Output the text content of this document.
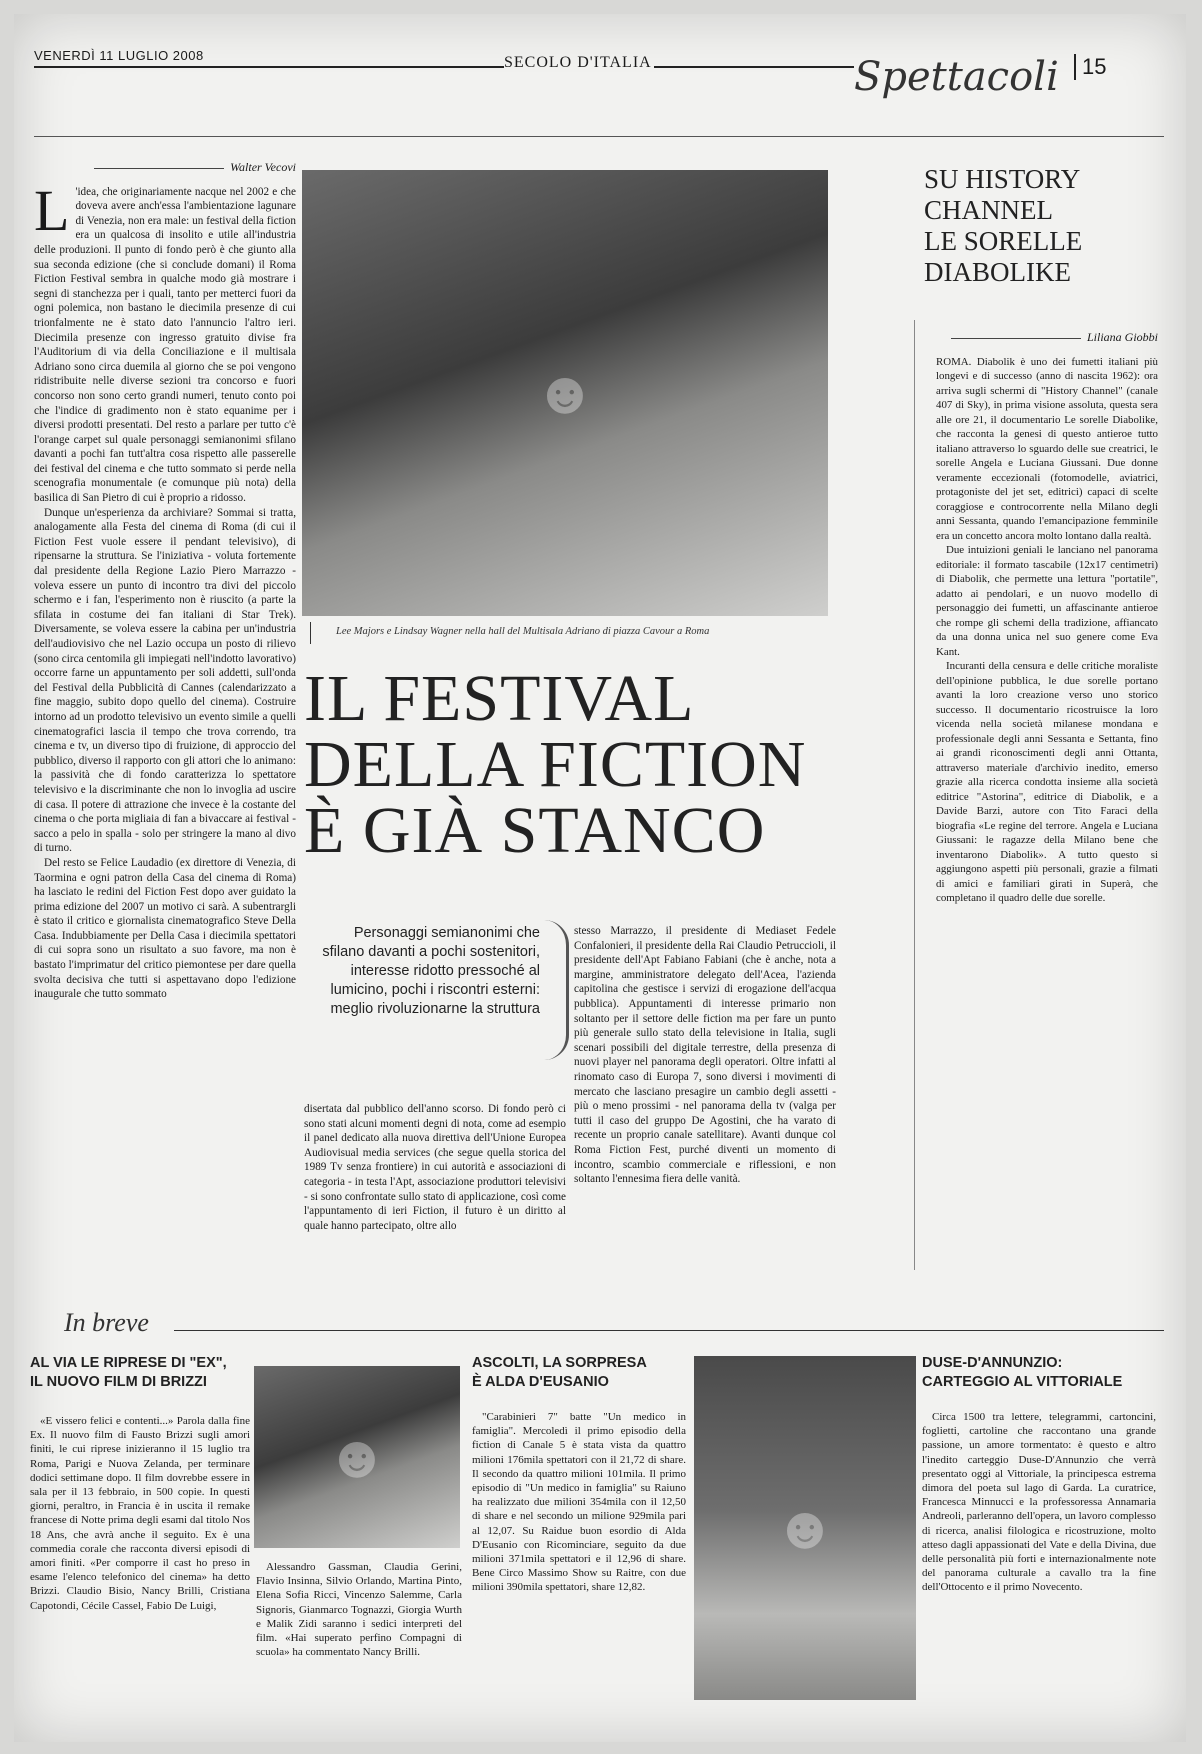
VENERDÌ 11 LUGLIO 2008	SECOLO D'ITALIA	Spettacoli	15
Walter Vecovi
L 'idea, che originariamente nacque nel 2002 e che doveva avere anch'essa l'ambientazione lagunare di Venezia, non era male: un festival della fiction era un qualcosa di insolito e utile all'industria delle produzioni. Il punto di fondo però è che giunto alla sua seconda edizione (che si conclude domani) il Roma Fiction Festival sembra in qualche modo già mostrare i segni di stanchezza per i quali, tanto per metterci fuori da ogni polemica, non bastano le diecimila presenze di cui trionfalmente ne è stato dato l'annuncio l'altro ieri. Diecimila presenze con ingresso gratuito divise fra l'Auditorium di via della Conciliazione e il multisala Adriano sono circa duemila al giorno che se poi vengono ridistribuite nelle diverse sezioni tra concorso e fuori concorso non sono certo grandi numeri, tenuto conto poi che l'indice di gradimento non è stato equanime per i diversi prodotti presentati. Del resto a parlare per tutto c'è l'orange carpet sul quale personaggi semianonimi sfilano davanti a pochi fan tutt'altra cosa rispetto alle passerelle dei festival del cinema e che tutto sommato si perde nella scenografia monumentale (e comunque più nota) della basilica di San Pietro di cui è proprio a ridosso.

Dunque un'esperienza da archiviare? Sommai si tratta, analogamente alla Festa del cinema di Roma (di cui il Fiction Fest vuole essere il pendant televisivo), di ripensarne la struttura. Se l'iniziativa - voluta fortemente dal presidente della Regione Lazio Piero Marrazzo - voleva essere un punto di incontro tra divi del piccolo schermo e i fan, l'esperimento non è riuscito (a parte la sfilata in costume dei fan italiani di Star Trek). Diversamente, se voleva essere la cabina per un'industria dell'audiovisivo che nel Lazio occupa un posto di rilievo (sono circa centomila gli impiegati nell'indotto lavorativo) occorre farne un appuntamento per soli addetti, sull'onda del Festival della Pubblicità di Cannes (calendarizzato a fine maggio, subito dopo quello del cinema). Costruire intorno ad un prodotto televisivo un evento simile a quelli cinematografici lascia il tempo che trova correndo, tra cinema e tv, un diverso tipo di fruizione, di approccio del pubblico, diverso il rapporto con gli attori che lo animano: la passività che di fondo caratterizza lo spettatore televisivo e la discriminante che non lo invoglia ad uscire di casa. Il potere di attrazione che invece è la costante del cinema o che porta migliaia di fan a bivaccare ai festival - sacco a pelo in spalla - solo per stringere la mano al divo di turno.

Del resto se Felice Laudadio (ex direttore di Venezia, di Taormina e ogni patron della Casa del cinema di Roma) ha lasciato le redini del Fiction Fest dopo aver guidato la prima edizione del 2007 un motivo ci sarà. A subentrargli è stato il critico e giornalista cinematografico Steve Della Casa. Indubbiamente per Della Casa i diecimila spettatori di cui sopra sono un risultato a suo favore, ma non è bastato l'imprimatur del critico piemontese per dare quella svolta decisiva che tutti si aspettavano dopo l'edizione inaugurale che tutto sommato

☻
Lee Majors e Lindsay Wagner nella hall del Multisala Adriano di piazza Cavour a Roma
IL FESTIVAL
DELLA FICTION
È GIÀ STANCO
Personaggi semianonimi che sfilano davanti a pochi sostenitori, interesse ridotto pressoché al lumicino, pochi i riscontri esterni: meglio rivoluzionarne la struttura

disertata dal pubblico dell'anno scorso. Di fondo però ci sono stati alcuni momenti degni di nota, come ad esempio il panel dedicato alla nuova direttiva dell'Unione Europea Audiovisual media services (che segue quella storica del 1989 Tv senza frontiere) in cui autorità e associazioni di categoria - in testa l'Apt, associazione produttori televisivi - si sono confrontate sullo stato di applicazione, così come l'appuntamento di ieri Fiction, il futuro è un diritto al quale hanno partecipato, oltre allo

stesso Marrazzo, il presidente di Mediaset Fedele Confalonieri, il presidente della Rai Claudio Petruccioli, il presidente dell'Apt Fabiano Fabiani (che è anche, nota a margine, amministratore delegato dell'Acea, l'azienda capitolina che gestisce i servizi di erogazione dell'acqua pubblica). Appuntamenti di interesse primario non soltanto per il settore delle fiction ma per fare un punto più generale sullo stato della televisione in Italia, sugli scenari possibili del digitale terrestre, della presenza di nuovi player nel panorama degli operatori. Oltre infatti al rinomato caso di Europa 7, sono diversi i movimenti di mercato che lasciano presagire un cambio degli assetti - più o meno prossimi - nel panorama della tv (valga per tutti il caso del gruppo De Agostini, che ha varato di recente un proprio canale satellitare). Avanti dunque col Roma Fiction Fest, purché diventi un momento di incontro, scambio commerciale e riflessioni, e non soltanto l'ennesima fiera delle vanità.

SU HISTORY
CHANNEL
LE SORELLE
DIABOLIKE
Liliana Giobbi

ROMA. Diabolik è uno dei fumetti italiani più longevi e di successo (anno di nascita 1962): ora arriva sugli schermi di "History Channel" (canale 407 di Sky), in prima visione assoluta, questa sera alle ore 21, il documentario Le sorelle Diabolike, che racconta la genesi di questo antieroe tutto italiano attraverso lo sguardo delle sue creatrici, le sorelle Angela e Luciana Giussani. Due donne veramente eccezionali (fotomodelle, aviatrici, protagoniste del jet set, editrici) capaci di scelte coraggiose e controcorrente nella Milano degli anni Sessanta, quando l'emancipazione femminile era un concetto ancora molto lontano dalla realtà.

Due intuizioni geniali le lanciano nel panorama editoriale: il formato tascabile (12x17 centimetri) di Diabolik, che permette una lettura "portatile", adatto ai pendolari, e un nuovo modello di personaggio dei fumetti, un affascinante antieroe che rompe gli schemi della tradizione, affiancato da una donna unica nel suo genere come Eva Kant.

Incuranti della censura e delle critiche moraliste dell'opinione pubblica, le due sorelle portano avanti la loro creazione verso uno storico successo. Il documentario ricostruisce la loro vicenda nella società milanese mondana e professionale degli anni Sessanta e Settanta, fino ai grandi riconoscimenti degli anni Ottanta, attraverso materiale d'archivio inedito, emerso grazie alla ricerca condotta insieme alla società editrice "Astorina", editrice di Diabolik, e a Davide Barzi, autore con Tito Faraci della biografia «Le regine del terrore. Angela e Luciana Giussani: le ragazze della Milano bene che inventarono Diabolik». A tutto questo si aggiungono aspetti più personali, grazie a filmati di amici e familiari girati in Superà, che completano il quadro delle due sorelle.

In breve
AL VIA LE RIPRESE DI "EX",
IL NUOVO FILM DI BRIZZI

«E vissero felici e contenti...» Parola dalla fine Ex. Il nuovo film di Fausto Brizzi sugli amori finiti, le cui riprese inizieranno il 15 luglio tra Roma, Parigi e Nuova Zelanda, per terminare dodici settimane dopo. Il film dovrebbe essere in sala per il 13 febbraio, in 500 copie. In questi giorni, peraltro, in Francia è in uscita il remake francese di Notte prima degli esami dal titolo Nos 18 Ans, che avrà anche il seguito. Ex è una commedia corale che racconta diversi episodi di amori finiti. «Per comporre il cast ho preso in esame l'elenco telefonico del cinema» ha detto Brizzi. Claudio Bisio, Nancy Brilli, Cristiana Capotondi, Cécile Cassel, Fabio De Luigi,

☻

Alessandro Gassman, Claudia Gerini, Flavio Insinna, Silvio Orlando, Martina Pinto, Elena Sofia Ricci, Vincenzo Salemme, Carla Signoris, Gianmarco Tognazzi, Giorgia Wurth e Malik Zidi saranno i sedici interpreti del film. «Hai superato perfino Compagni di scuola» ha commentato Nancy Brilli.

ASCOLTI, LA SORPRESA
È ALDA D'EUSANIO

"Carabinieri 7" batte "Un medico in famiglia". Mercoledì il primo episodio della fiction di Canale 5 è stata vista da quattro milioni 176mila spettatori con il 21,72 di share. Il secondo da quattro milioni 101mila. Il primo episodio di "Un medico in famiglia" su Raiuno ha realizzato due milioni 354mila con il 12,50 di share e nel secondo un milione 929mila pari al 12,07. Su Raidue buon esordio di Alda D'Eusanio con Ricominciare, seguito da due milioni 371mila spettatori e il 12,96 di share. Bene Circo Massimo Show su Raitre, con due milioni 390mila spettatori, share 12,82.

☻
DUSE-D'ANNUNZIO:
CARTEGGIO AL VITTORIALE

Circa 1500 tra lettere, telegrammi, cartoncini, foglietti, cartoline che raccontano una grande passione, un amore tormentato: è questo e altro l'inedito carteggio Duse-D'Annunzio che verrà presentato oggi al Vittoriale, la principesca estrema dimora del poeta sul lago di Garda. La curatrice, Francesca Minnucci e la professoressa Annamaria Andreoli, parleranno dell'opera, un lavoro complesso di ricerca, analisi filologica e ricostruzione, molto atteso dagli appassionati del Vate e della Divina, due delle personalità più forti e internazionalmente note del panorama culturale a cavallo tra la fine dell'Ottocento e il primo Novecento.
